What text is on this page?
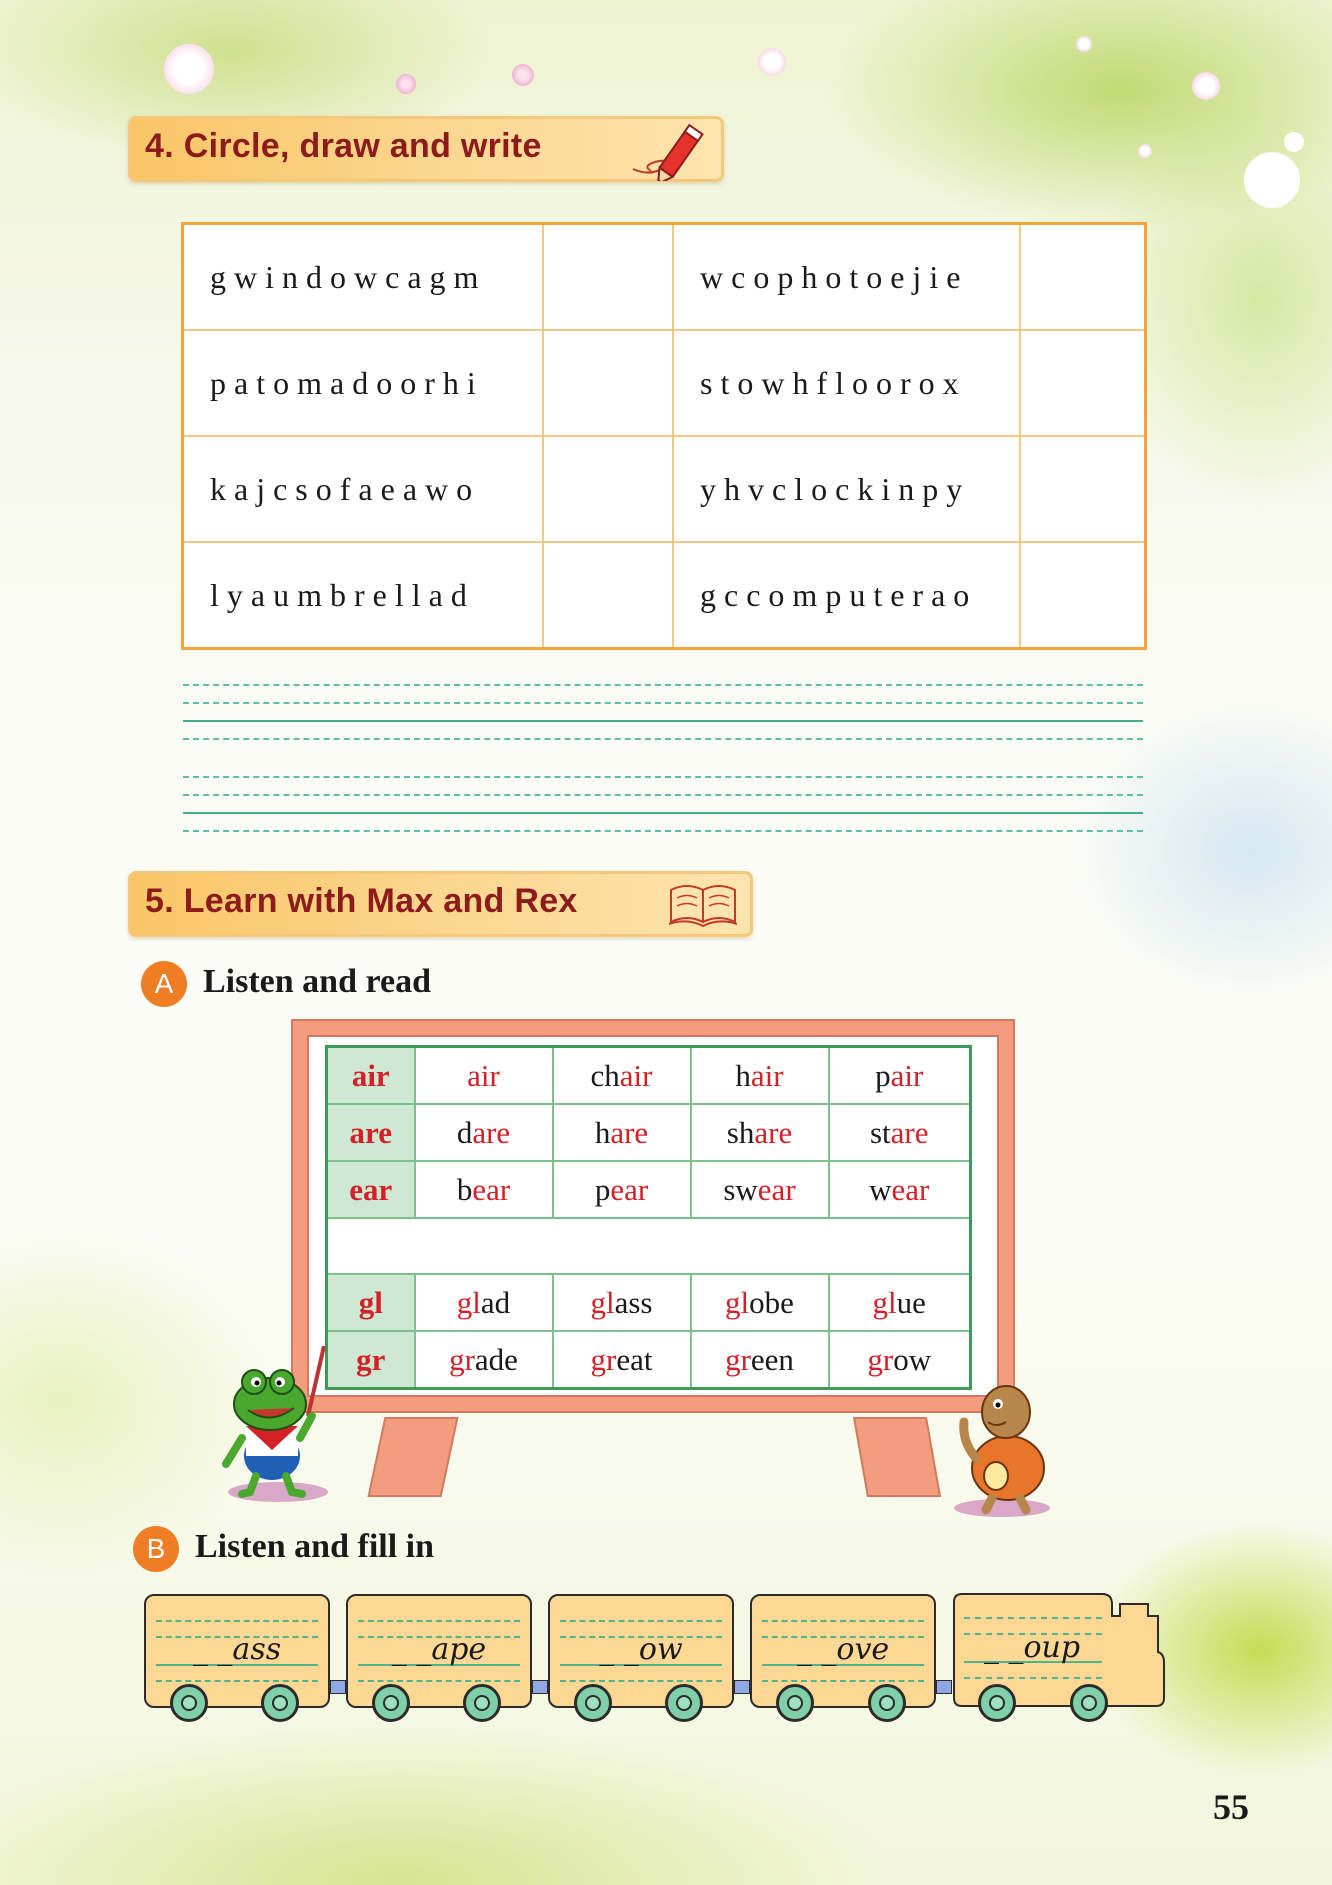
4. Circle, draw and write
gwindowcagm		wcophotoejie	
patomadoorhi		stowhfloorox	
kajcsofaeawo		yhvclockinpy	
lyaumbrellad		gccomputerao	
5. Learn with Max and Rex
A Listen and read
air	air	chair	hair	pair
are	dare	hare	share	stare
ear	bear	pear	swear	wear

gl	glad	glass	globe	glue
gr	grade	great	green	grow
B Listen and fill in
_ _ass	_ _ape	_ _ow	_ _ove	_ _oup
55
